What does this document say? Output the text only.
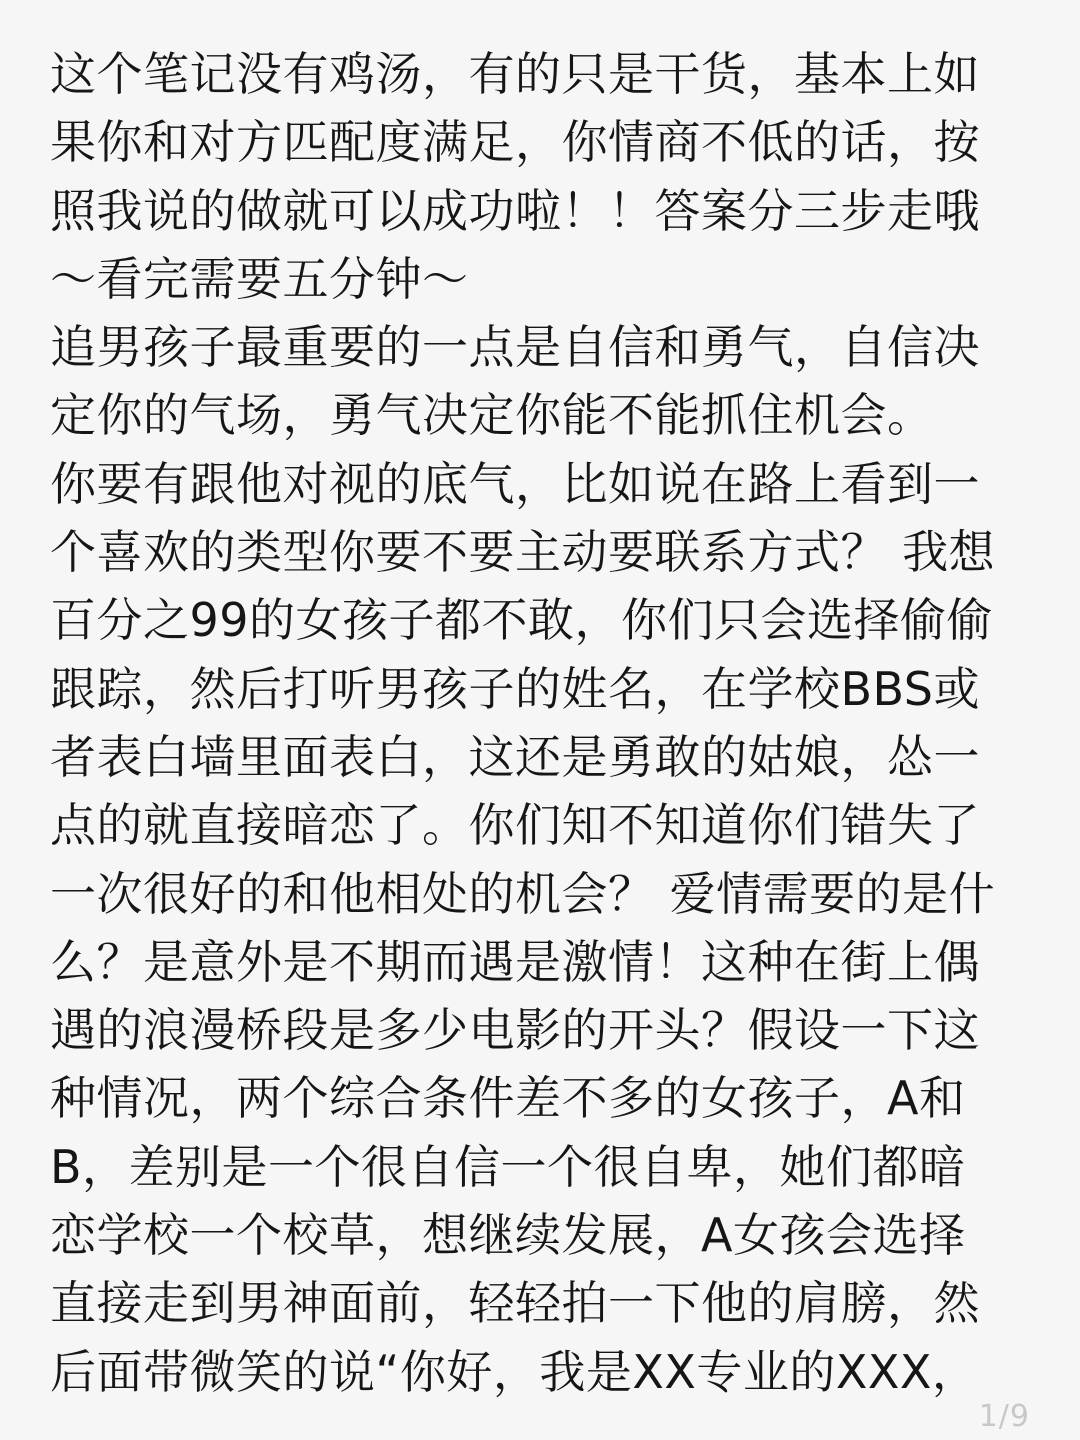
这个笔记没有鸡汤，有的只是干货，基本上如
果你和对方匹配度满足，你情商不低的话，按
照我说的做就可以成功啦！！答案分三步走哦
～看完需要五分钟～
追男孩子最重要的一点是自信和勇气，自信决
定你的气场，勇气决定你能不能抓住机会。
你要有跟他对视的底气，比如说在路上看到一
个喜欢的类型你要不要主动要联系方式？ 我想
百分之99的女孩子都不敢，你们只会选择偷偷
跟踪，然后打听男孩子的姓名，在学校BBS或
者表白墙里面表白，这还是勇敢的姑娘，怂一
点的就直接暗恋了。你们知不知道你们错失了
一次很好的和他相处的机会？ 爱情需要的是什
么？是意外是不期而遇是激情！这种在街上偶
遇的浪漫桥段是多少电影的开头？假设一下这
种情况，两个综合条件差不多的女孩子，A和
B，差别是一个很自信一个很自卑，她们都暗
恋学校一个校草，想继续发展，A女孩会选择
直接走到男神面前，轻轻拍一下他的肩膀，然
后面带微笑的说“你好，我是XX专业的XXX，
1/9
